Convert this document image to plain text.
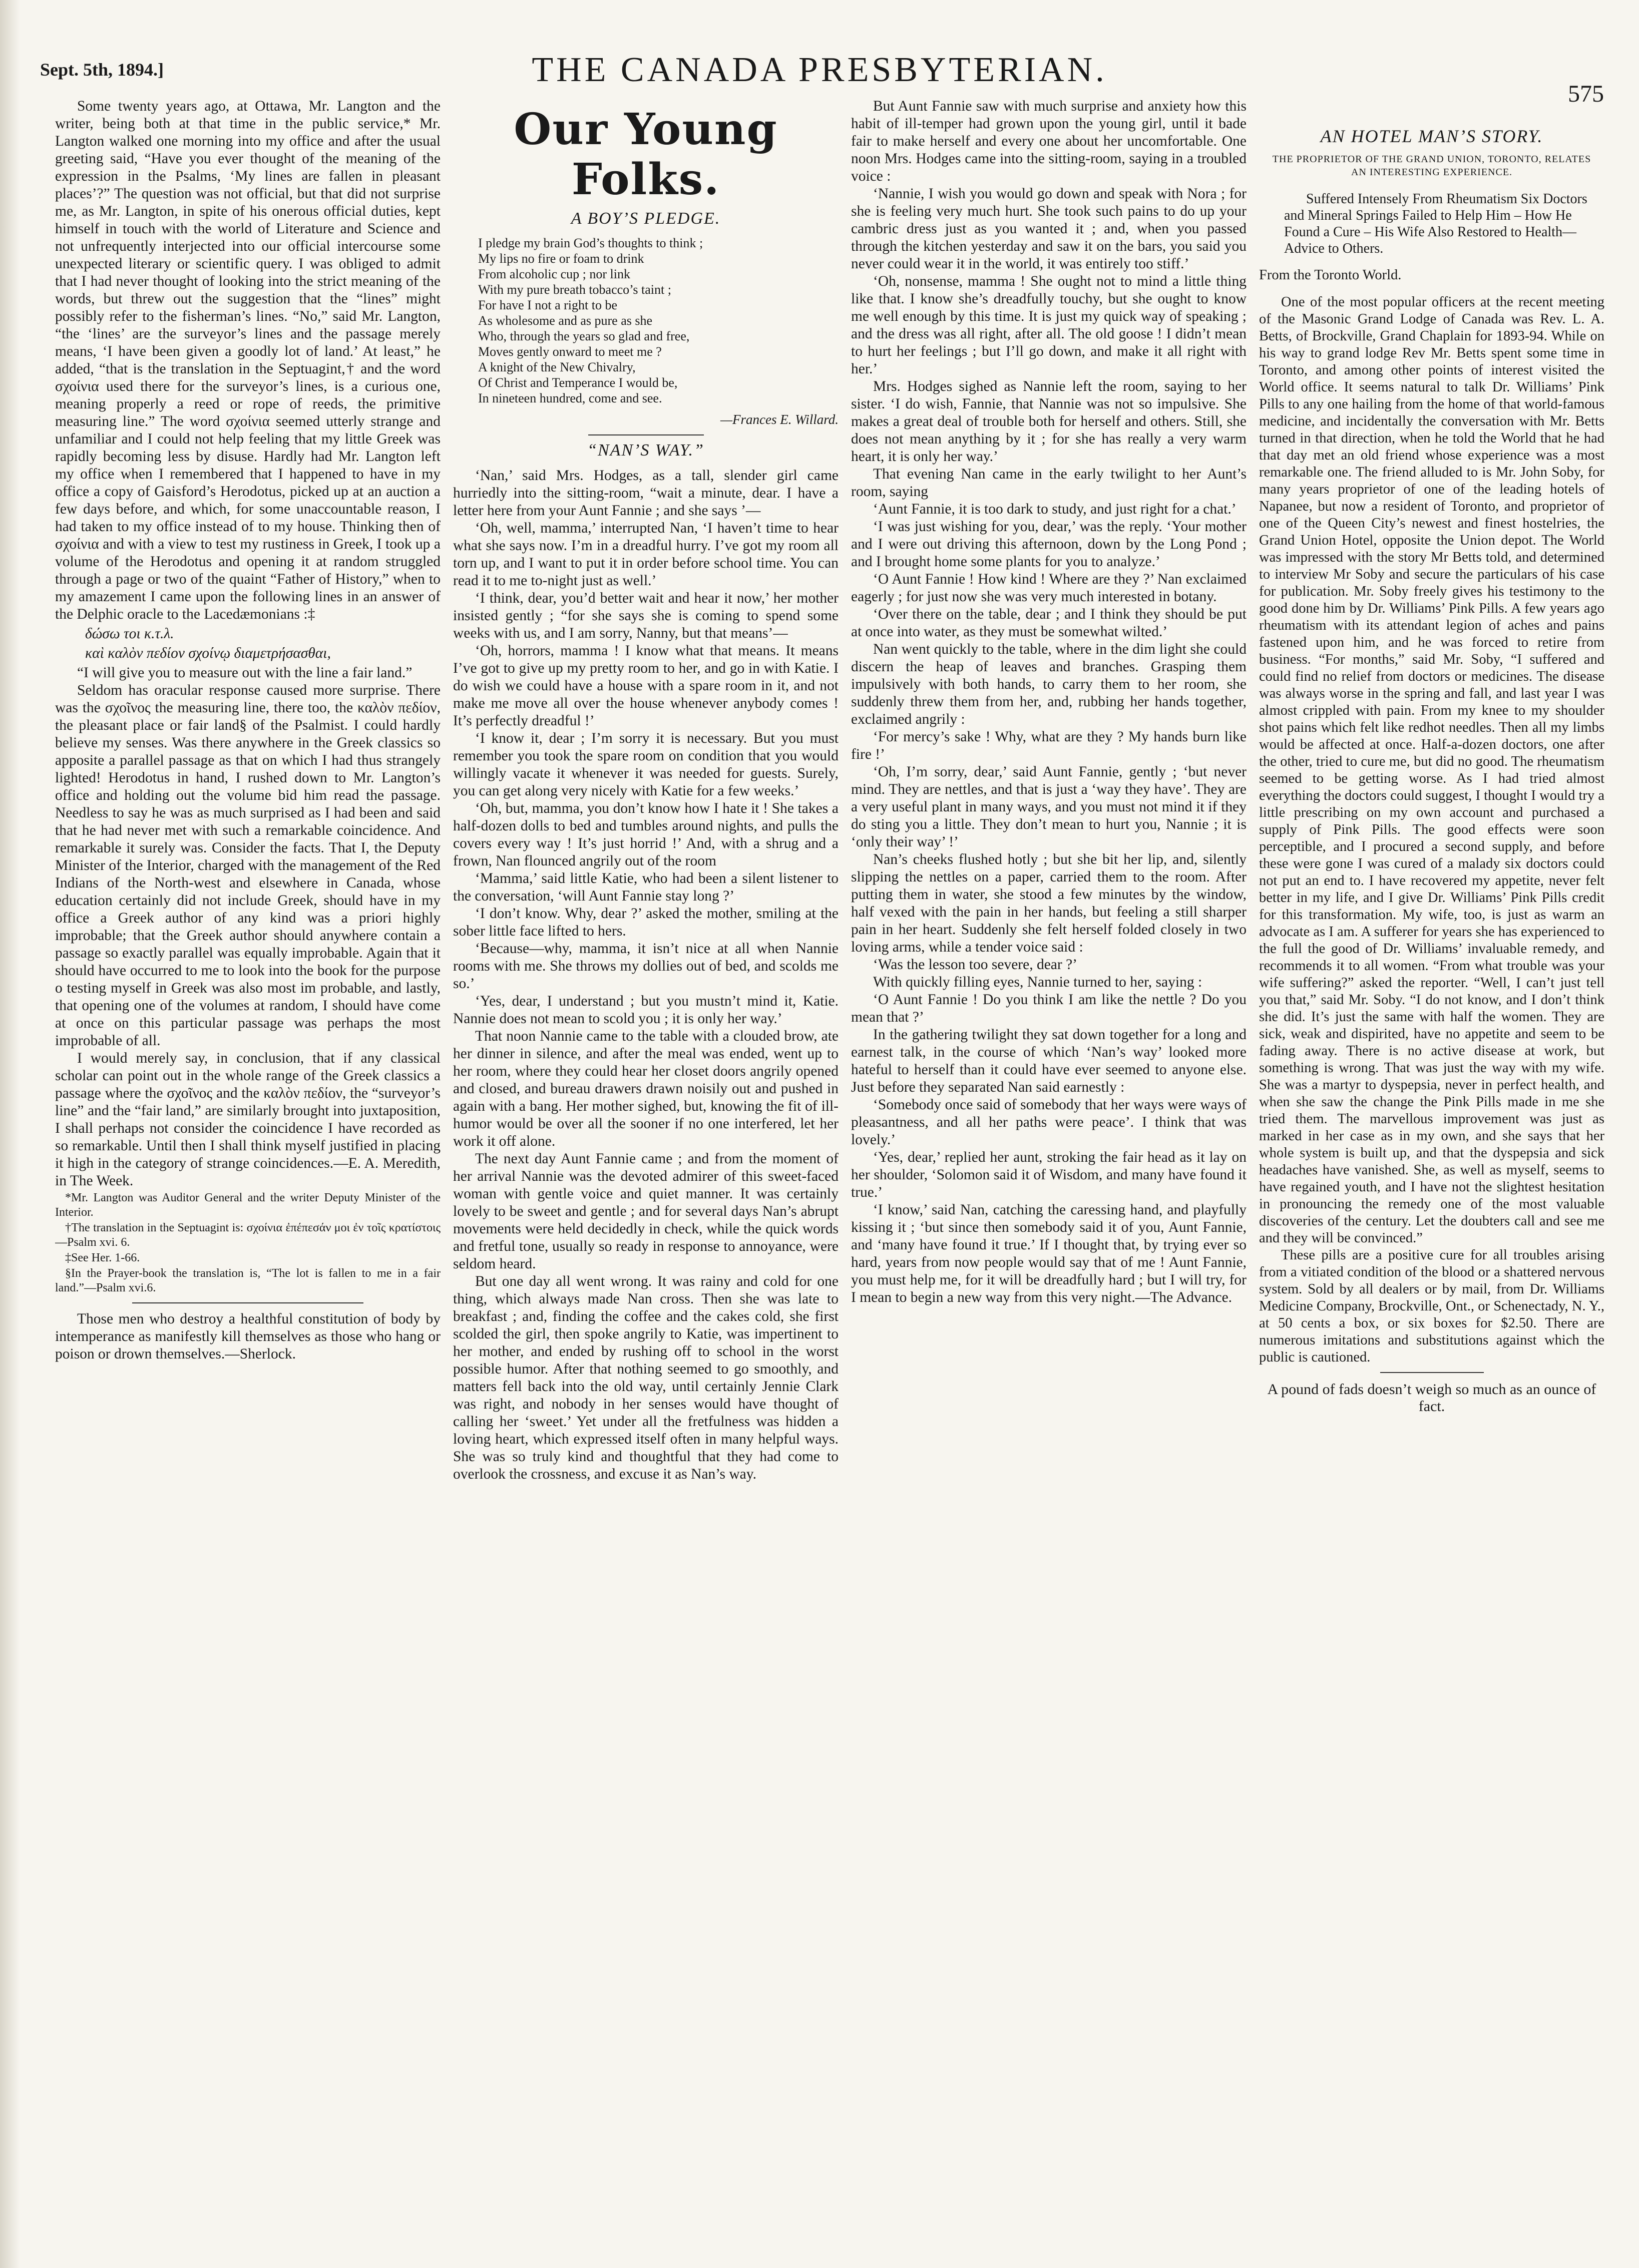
Sept. 5th, 1894.]	THE CANADA PRESBYTERIAN.
575

Some twenty years ago, at Ottawa, Mr. Langton and the writer, being both at that time in the public service,* Mr. Langton walked one morning into my office and after the usual greeting said, “Have you ever thought of the meaning of the expression in the Psalms, ‘My lines are fallen in pleasant places’?” The question was not official, but that did not surprise me, as Mr. Langton, in spite of his onerous official duties, kept himself in touch with the world of Literature and Science and not unfrequently interjected into our official intercourse some unexpected literary or scientific query. I was obliged to admit that I had never thought of looking into the strict meaning of the words, but threw out the suggestion that the “lines” might possibly refer to the fisherman’s lines. “No,” said Mr. Langton, “the ‘lines’ are the surveyor’s lines and the passage merely means, ‘I have been given a goodly lot of land.’ At least,” he added, “that is the translation in the Septuagint,† and the word σχοίνια used there for the surveyor’s lines, is a curious one, meaning properly a reed or rope of reeds, the primitive measuring line.” The word σχοίνια seemed utterly strange and unfamiliar and I could not help feeling that my little Greek was rapidly becoming less by disuse. Hardly had Mr. Langton left my office when I remembered that I happened to have in my office a copy of Gaisford’s Herodotus, picked up at an auction a few days before, and which, for some unaccountable reason, I had taken to my office instead of to my house. Thinking then of σχοίνια and with a view to test my rustiness in Greek, I took up a volume of the Herodotus and opening it at random struggled through a page or two of the quaint “Father of History,” when to my amazement I came upon the following lines in an answer of the Delphic oracle to the Lacedæmonians :‡

δώσω τοι κ.τ.λ.
καὶ καλὸν πεδίον σχοίνῳ διαμετρήσασθαι,

“I will give you to measure out with the line a fair land.”

Seldom has oracular response caused more surprise. There was the σχοῖνος the measuring line, there too, the καλὸν πεδίον, the pleasant place or fair land§ of the Psalmist. I could hardly believe my senses. Was there anywhere in the Greek classics so apposite a parallel passage as that on which I had thus strangely lighted! Herodotus in hand, I rushed down to Mr. Langton’s office and holding out the volume bid him read the passage. Needless to say he was as much surprised as I had been and said that he had never met with such a remarkable coincidence. And remarkable it surely was. Consider the facts. That I, the Deputy Minister of the Interior, charged with the management of the Red Indians of the North-west and elsewhere in Canada, whose education certainly did not include Greek, should have in my office a Greek author of any kind was a priori highly improbable; that the Greek author should anywhere contain a passage so exactly parallel was equally improbable. Again that it should have occurred to me to look into the book for the purpose o testing myself in Greek was also most im probable, and lastly, that opening one of the volumes at random, I should have come at once on this particular passage was perhaps the most improbable of all.

I would merely say, in conclusion, that if any classical scholar can point out in the whole range of the Greek classics a passage where the σχοῖνος and the καλὸν πεδίον, the “surveyor’s line” and the “fair land,” are similarly brought into juxtaposition, I shall perhaps not consider the coincidence I have recorded as so remarkable. Until then I shall think myself justified in placing it high in the category of strange coincidences.—E. A. Meredith, in The Week.

*Mr. Langton was Auditor General and the writer Deputy Minister of the Interior.
†The translation in the Septuagint is: σχοίνια ἐπέπεσάν μοι ἐν τοῖς κρατίστοις—Psalm xvi. 6.
‡See Her. 1-66.
§In the Prayer-book the translation is, “The lot is fallen to me in a fair land.”—Psalm xvi.6.

Those men who destroy a healthful constitution of body by intemperance as manifestly kill themselves as those who hang or poison or drown themselves.—Sherlock.

Our Young Folks.
A BOY’S PLEDGE.
I pledge my brain God’s thoughts to think ;
My lips no fire or foam to drink
From alcoholic cup ; nor link
With my pure breath tobacco’s taint ;
For have I not a right to be
As wholesome and as pure as she
Who, through the years so glad and free,
Moves gently onward to meet me ?
A knight of the New Chivalry,
Of Christ and Temperance I would be,
In nineteen hundred, come and see.
—Frances E. Willard.
“NAN’S WAY.”

‘Nan,’ said Mrs. Hodges, as a tall, slender girl came hurriedly into the sitting-room, “wait a minute, dear. I have a letter here from your Aunt Fannie ; and she says ’—

‘Oh, well, mamma,’ interrupted Nan, ‘I haven’t time to hear what she says now. I’m in a dreadful hurry. I’ve got my room all torn up, and I want to put it in order before school time. You can read it to me to-night just as well.’

‘I think, dear, you’d better wait and hear it now,’ her mother insisted gently ; “for she says she is coming to spend some weeks with us, and I am sorry, Nanny, but that means’—

‘Oh, horrors, mamma ! I know what that means. It means I’ve got to give up my pretty room to her, and go in with Katie. I do wish we could have a house with a spare room in it, and not make me move all over the house whenever anybody comes ! It’s perfectly dreadful !’

‘I know it, dear ; I’m sorry it is necessary. But you must remember you took the spare room on condition that you would willingly vacate it whenever it was needed for guests. Surely, you can get along very nicely with Katie for a few weeks.’

‘Oh, but, mamma, you don’t know how I hate it ! She takes a half-dozen dolls to bed and tumbles around nights, and pulls the covers every way ! It’s just horrid !’ And, with a shrug and a frown, Nan flounced angrily out of the room

‘Mamma,’ said little Katie, who had been a silent listener to the conversation, ‘will Aunt Fannie stay long ?’

‘I don’t know. Why, dear ?’ asked the mother, smiling at the sober little face lifted to hers.

‘Because—why, mamma, it isn’t nice at all when Nannie rooms with me. She throws my dollies out of bed, and scolds me so.’

‘Yes, dear, I understand ; but you mustn’t mind it, Katie. Nannie does not mean to scold you ; it is only her way.’

That noon Nannie came to the table with a clouded brow, ate her dinner in silence, and after the meal was ended, went up to her room, where they could hear her closet doors angrily opened and closed, and bureau drawers drawn noisily out and pushed in again with a bang. Her mother sighed, but, knowing the fit of ill-humor would be over all the sooner if no one interfered, let her work it off alone.

The next day Aunt Fannie came ; and from the moment of her arrival Nannie was the devoted admirer of this sweet-faced woman with gentle voice and quiet manner. It was certainly lovely to be sweet and gentle ; and for several days Nan’s abrupt movements were held decidedly in check, while the quick words and fretful tone, usually so ready in response to annoyance, were seldom heard.

But one day all went wrong. It was rainy and cold for one thing, which always made Nan cross. Then she was late to breakfast ; and, finding the coffee and the cakes cold, she first scolded the girl, then spoke angrily to Katie, was impertinent to her mother, and ended by rushing off to school in the worst possible humor. After that nothing seemed to go smoothly, and matters fell back into the old way, until certainly Jennie Clark was right, and nobody in her senses would have thought of calling her ‘sweet.’ Yet under all the fretfulness was hidden a loving heart, which expressed itself often in many helpful ways. She was so truly kind and thoughtful that they had come to overlook the crossness, and excuse it as Nan’s way.

But Aunt Fannie saw with much surprise and anxiety how this habit of ill-temper had grown upon the young girl, until it bade fair to make herself and every one about her uncomfortable. One noon Mrs. Hodges came into the sitting-room, saying in a troubled voice :

‘Nannie, I wish you would go down and speak with Nora ; for she is feeling very much hurt. She took such pains to do up your cambric dress just as you wanted it ; and, when you passed through the kitchen yesterday and saw it on the bars, you said you never could wear it in the world, it was entirely too stiff.’

‘Oh, nonsense, mamma ! She ought not to mind a little thing like that. I know she’s dreadfully touchy, but she ought to know me well enough by this time. It is just my quick way of speaking ; and the dress was all right, after all. The old goose ! I didn’t mean to hurt her feelings ; but I’ll go down, and make it all right with her.’

Mrs. Hodges sighed as Nannie left the room, saying to her sister. ‘I do wish, Fannie, that Nannie was not so impulsive. She makes a great deal of trouble both for herself and others. Still, she does not mean anything by it ; for she has really a very warm heart, it is only her way.’

That evening Nan came in the early twilight to her Aunt’s room, saying

‘Aunt Fannie, it is too dark to study, and just right for a chat.’

‘I was just wishing for you, dear,’ was the reply. ‘Your mother and I were out driving this afternoon, down by the Long Pond ; and I brought home some plants for you to analyze.’

‘O Aunt Fannie ! How kind ! Where are they ?’ Nan exclaimed eagerly ; for just now she was very much interested in botany.

‘Over there on the table, dear ; and I think they should be put at once into water, as they must be somewhat wilted.’

Nan went quickly to the table, where in the dim light she could discern the heap of leaves and branches. Grasping them impulsively with both hands, to carry them to her room, she suddenly threw them from her, and, rubbing her hands together, exclaimed angrily :

‘For mercy’s sake ! Why, what are they ? My hands burn like fire !’

‘Oh, I’m sorry, dear,’ said Aunt Fannie, gently ; ‘but never mind. They are nettles, and that is just a ‘way they have’. They are a very useful plant in many ways, and you must not mind it if they do sting you a little. They don’t mean to hurt you, Nannie ; it is ‘only their way’ !’

Nan’s cheeks flushed hotly ; but she bit her lip, and, silently slipping the nettles on a paper, carried them to the room. After putting them in water, she stood a few minutes by the window, half vexed with the pain in her hands, but feeling a still sharper pain in her heart. Suddenly she felt herself folded closely in two loving arms, while a tender voice said :

‘Was the lesson too severe, dear ?’

With quickly filling eyes, Nannie turned to her, saying :

‘O Aunt Fannie ! Do you think I am like the nettle ? Do you mean that ?’

In the gathering twilight they sat down together for a long and earnest talk, in the course of which ‘Nan’s way’ looked more hateful to herself than it could have ever seemed to anyone else. Just before they separated Nan said earnestly :

‘Somebody once said of somebody that her ways were ways of pleasantness, and all her paths were peace’. I think that was lovely.’

‘Yes, dear,’ replied her aunt, stroking the fair head as it lay on her shoulder, ‘Solomon said it of Wisdom, and many have found it true.’

‘I know,’ said Nan, catching the caressing hand, and playfully kissing it ; ‘but since then somebody said it of you, Aunt Fannie, and ‘many have found it true.’ If I thought that, by trying ever so hard, years from now people would say that of me ! Aunt Fannie, you must help me, for it will be dreadfully hard ; but I will try, for I mean to begin a new way from this very night.—The Advance.

AN HOTEL MAN’S STORY.
THE PROPRIETOR OF THE GRAND UNION, TORONTO, RELATES AN INTERESTING EXPERIENCE.

Suffered Intensely From Rheumatism Six Doctors and Mineral Springs Failed to Help Him – How He Found a Cure – His Wife Also Restored to Health—Advice to Others.

From the Toronto World.

One of the most popular officers at the recent meeting of the Masonic Grand Lodge of Canada was Rev. L. A. Betts, of Brockville, Grand Chaplain for 1893-94. While on his way to grand lodge Rev Mr. Betts spent some time in Toronto, and among other points of interest visited the World office. It seems natural to talk Dr. Williams’ Pink Pills to any one hailing from the home of that world-famous medicine, and incidentally the conversation with Mr. Betts turned in that direction, when he told the World that he had that day met an old friend whose experience was a most remarkable one. The friend alluded to is Mr. John Soby, for many years proprietor of one of the leading hotels of Napanee, but now a resident of Toronto, and proprietor of one of the Queen City’s newest and finest hostelries, the Grand Union Hotel, opposite the Union depot. The World was impressed with the story Mr Betts told, and determined to interview Mr Soby and secure the particulars of his case for publication. Mr. Soby freely gives his testimony to the good done him by Dr. Williams’ Pink Pills. A few years ago rheumatism with its attendant legion of aches and pains fastened upon him, and he was forced to retire from business. “For months,” said Mr. Soby, “I suffered and could find no relief from doctors or medicines. The disease was always worse in the spring and fall, and last year I was almost crippled with pain. From my knee to my shoulder shot pains which felt like redhot needles. Then all my limbs would be affected at once. Half-a-dozen doctors, one after the other, tried to cure me, but did no good. The rheumatism seemed to be getting worse. As I had tried almost everything the doctors could suggest, I thought I would try a little prescribing on my own account and purchased a supply of Pink Pills. The good effects were soon perceptible, and I procured a second supply, and before these were gone I was cured of a malady six doctors could not put an end to. I have recovered my appetite, never felt better in my life, and I give Dr. Williams’ Pink Pills credit for this transformation. My wife, too, is just as warm an advocate as I am. A sufferer for years she has experienced to the full the good of Dr. Williams’ invaluable remedy, and recommends it to all women. “From what trouble was your wife suffering?” asked the reporter. “Well, I can’t just tell you that,” said Mr. Soby. “I do not know, and I don’t think she did. It’s just the same with half the women. They are sick, weak and dispirited, have no appetite and seem to be fading away. There is no active disease at work, but something is wrong. That was just the way with my wife. She was a martyr to dyspepsia, never in perfect health, and when she saw the change the Pink Pills made in me she tried them. The marvellous improvement was just as marked in her case as in my own, and she says that her whole system is built up, and that the dyspepsia and sick headaches have vanished. She, as well as myself, seems to have regained youth, and I have not the slightest hesitation in pronouncing the remedy one of the most valuable discoveries of the century. Let the doubters call and see me and they will be convinced.”

These pills are a positive cure for all troubles arising from a vitiated condition of the blood or a shattered nervous system. Sold by all dealers or by mail, from Dr. Williams Medicine Company, Brockville, Ont., or Schenectady, N. Y., at 50 cents a box, or six boxes for $2.50. There are numerous imitations and substitutions against which the public is cautioned.

A pound of fads doesn’t weigh so much as an ounce of fact.
